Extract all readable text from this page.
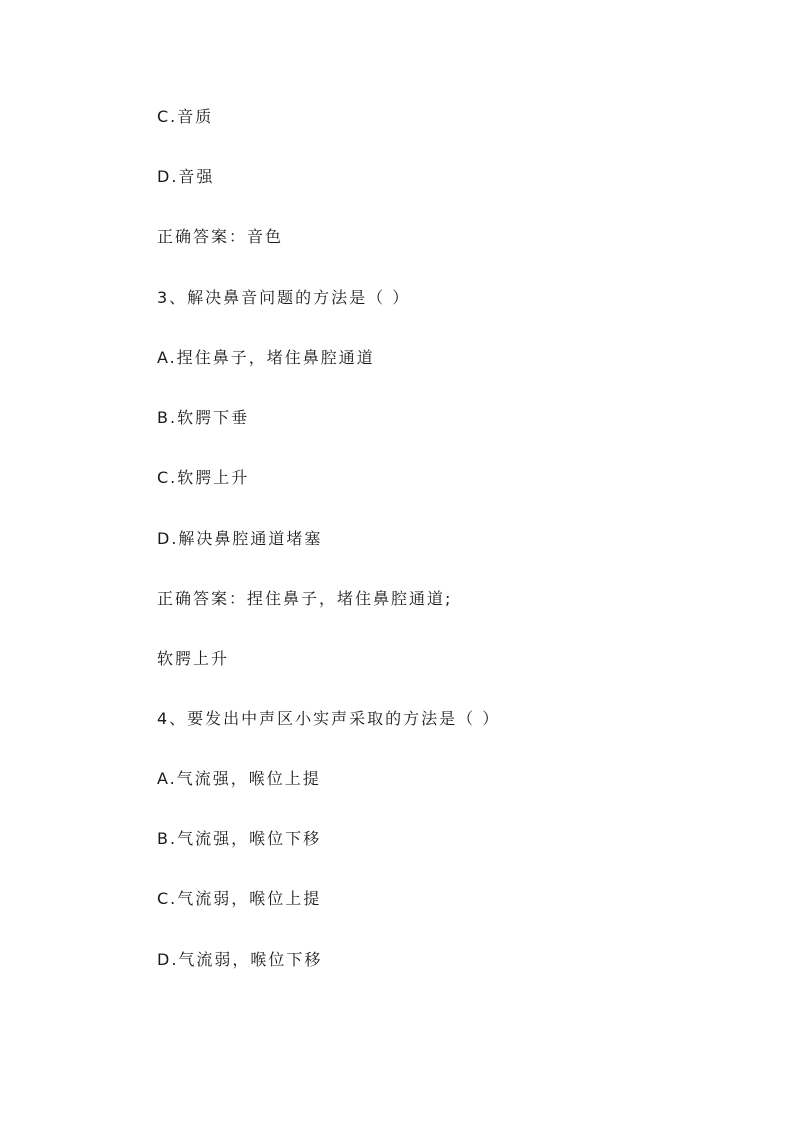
C.音质
D.音强
正确答案：音色
3、解决鼻音问题的方法是（ ）
A.捏住鼻子，堵住鼻腔通道
B.软腭下垂
C.软腭上升
D.解决鼻腔通道堵塞
正确答案：捏住鼻子，堵住鼻腔通道;
软腭上升
4、要发出中声区小实声采取的方法是（ ）
A.气流强，喉位上提
B.气流强，喉位下移
C.气流弱，喉位上提
D.气流弱，喉位下移
